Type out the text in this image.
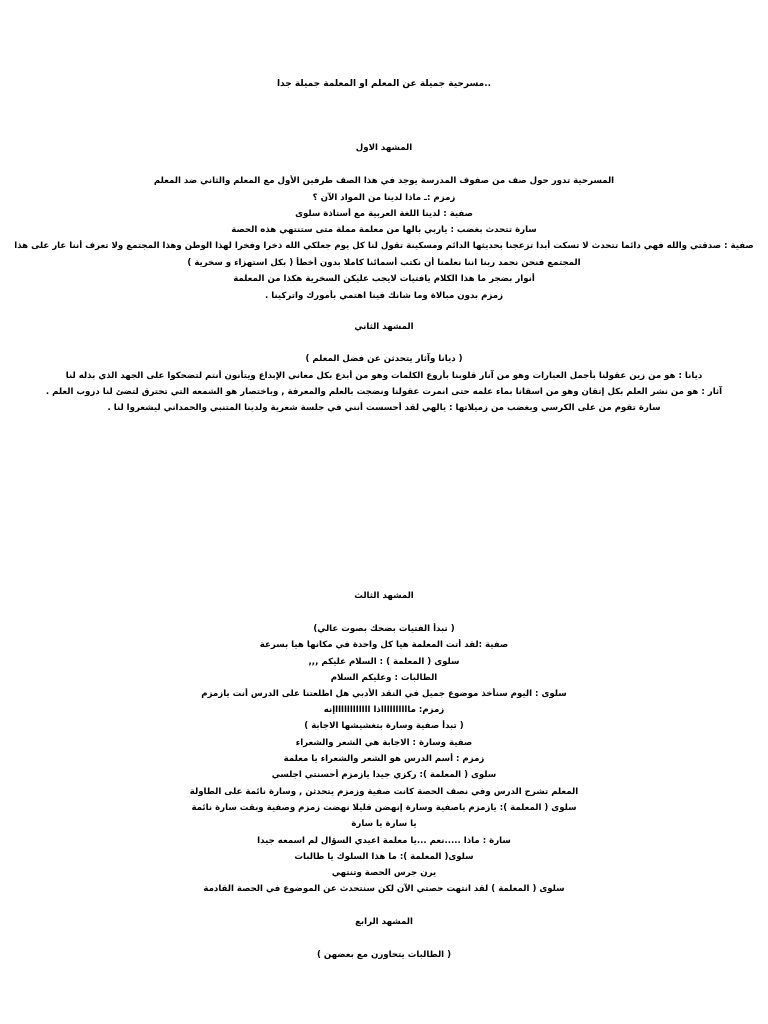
..مسرحية جميلة عن المعلم او المعلمة جميلة جدا
المشهد الاول
المسرحية تدور حول صف من صفوف المدرسة يوجد في هذا الصف طرفين الأول مع المعلم والثاني ضد المعلم
زمزم :ـ ماذا لدينا من المواد الآن ؟
صفية : لدينا اللغة العربية مع أستاذة سلوى
سارة تتحدث بغضب : ياربي بالها من معلمة مملة متى ستنتهي هذه الحصة
صفية : صدقتي والله فهي دائما تتحدث لا تسكت أبدا تزعجنا بحديثها الدائم ومسكينة تقول لنا كل يوم جعلكي الله ذخرا وفخرا لهذا الوطن وهذا المجتمع ولا تعرف أننا عار على هذا
المجتمع فنحن نحمد ربنا اننا نعلمنا أن نكتب أسمائنا كاملا بدون أخطأ ( بكل استهزاء و سخرية )
أنوار بضجر ما هذا الكلام يافتيات لايجب عليكن السخرية هكذا من المعلمة
زمزم بدون مبالاة وما شانك فينا اهتمي بأمورك واتركينا .
المشهد الثاني
( ديانا وآثار يتحدثن عن فضل المعلم )
ديانا : هو من زين عقولنا بأجمل العبارات وهو من آنار قلوبنا بأروع الكلمات وهو من أبدع بكل معاني الإبداع ويتأنون أنتم لتضحكوا على الجهد الذي بذله لنا
آثار : هو من نشر العلم بكل إتقان وهو من اسقانا بماء علمه حتى انمرت عقولنا ونضجت بالعلم والمعرفة , وباختصار هو الشمعه التي تحترق لتضئ لنا دروب العلم .
سارة تقوم من على الكرسي وبغضب من زميلاتها : يالهي لقد أحسست أنني في جلسة شعرية ولدينا المتنبي والحمداني ليشعروا لنا .
المشهد الثالث
( تبدأ الفتيات بضحك بصوت عالي)
صفية :لقد أتت المعلمة هيا كل واحدة في مكانها هيا بسرعة
سلوى ( المعلمة ) : السلام عليكم ,,,
الطالبات : وعليكم السلام
سلوى : اليوم سنأخذ موضوع جميل في النقد الأدبي هل اطلعتنا على الدرس أنت يازمزم
زمزم: مااااااااااذا ااااااااااااإنه
( تبدأ صفية وسارة بتغشيشها الاجابة )
صفية وسارة : الاجابة هي الشعر والشعراء
زمزم : أسم الدرس هو الشعر والشعراء يا معلمة
سلوى ( المعلمة ): ركزي جيدا يازمزم أحسنتي اجلسي
المعلم تشرح الدرس وفي نصف الحصة كانت صفية وزمزم يتحدثن , وسارة نائمة على الطاولة
سلوى ( المعلمة ): يازمزم ياصفية وسارة إنهضن قليلا نهضت زمزم وصفية وبقت سارة نائمة
يا سارة يا سارة
سارة : ماذا .....نعم ...يا معلمة اعيدي السؤال لم اسمعه جيدا
سلوى( المعلمة ): ما هذا السلوك يا طالبات
يرن جرس الحصة وتنتهي
سلوى ( المعلمة ) لقد انتهت حصتي الآن لكن سنتحدث عن الموضوع في الحصة القادمة
المشهد الرابع
( الطالبات يتحاورن مع بعضهن )
